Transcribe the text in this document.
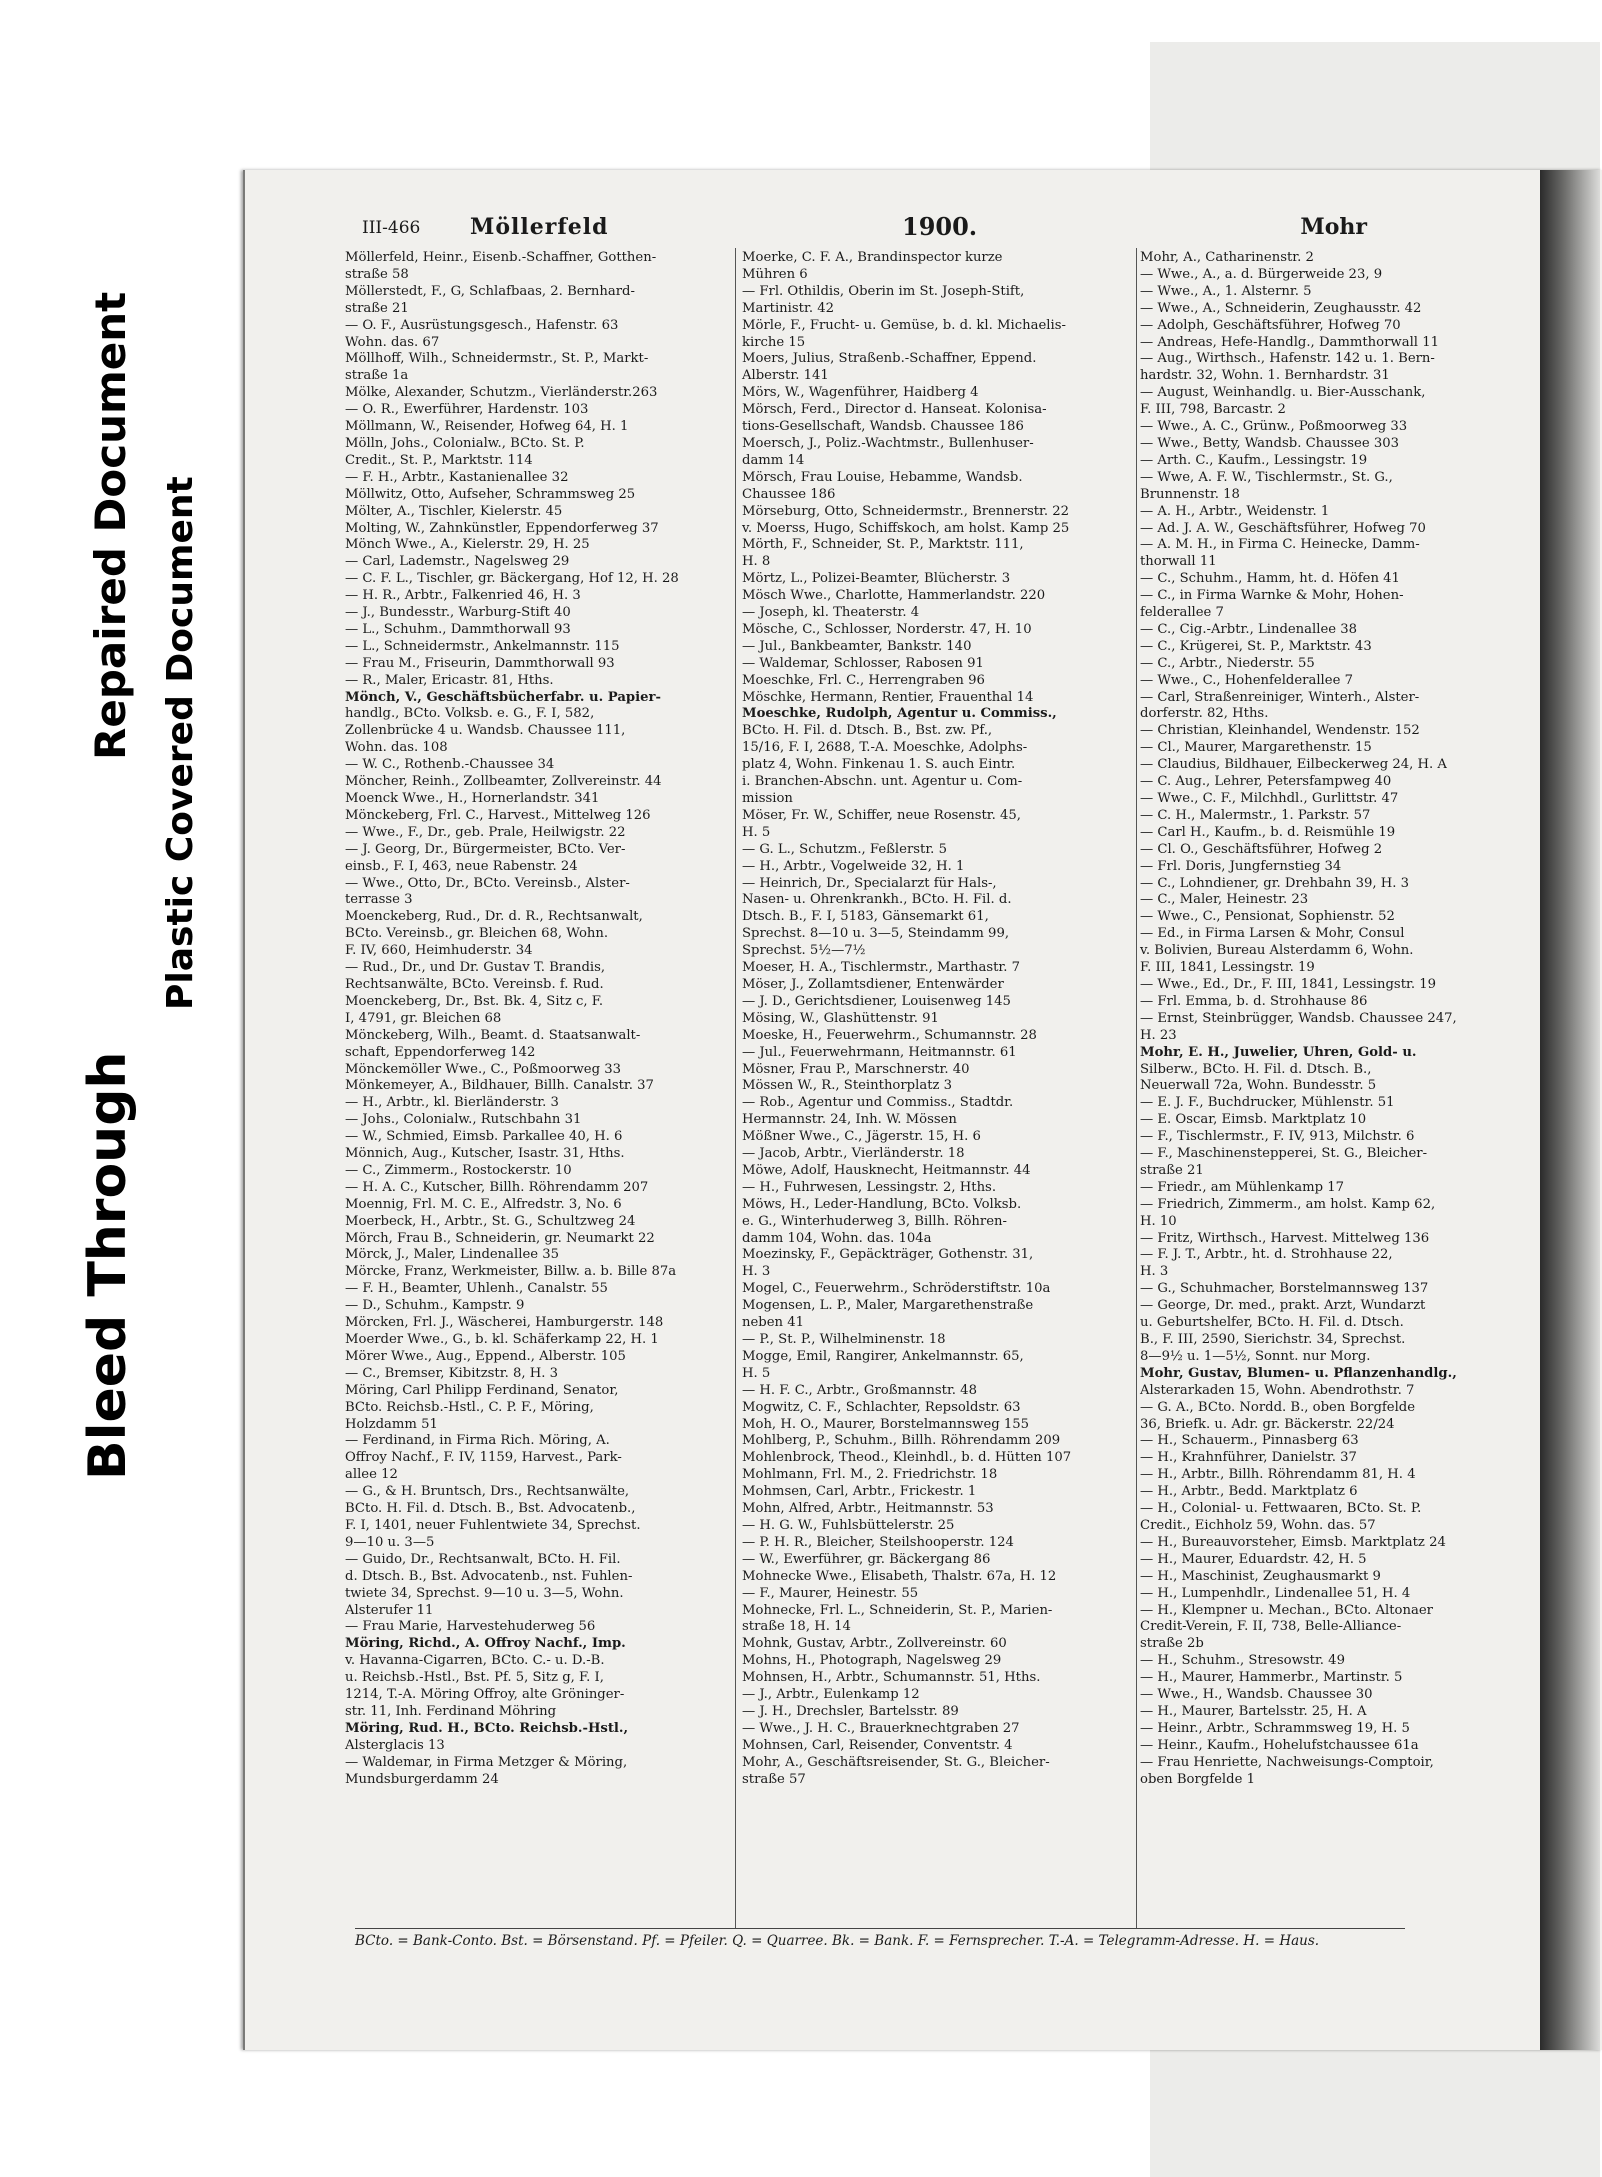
Bleed Through
Repaired Document Plastic Covered Document
III-466 Möllerfeld	1900.	Mohr
Möllerfeld, Heinr., Eisenb.-Schaffner, Gotthen-
straße 58
Möllerstedt, F., G, Schlafbaas, 2. Bernhard-
straße 21
— O. F., Ausrüstungsgesch., Hafenstr. 63
Wohn. das. 67
Möllhoff, Wilh., Schneidermstr., St. P., Markt-
straße 1a
Mölke, Alexander, Schutzm., Vierländerstr.263
— O. R., Ewerführer, Hardenstr. 103
Möllmann, W., Reisender, Hofweg 64, H. 1
Mölln, Johs., Colonialw., BCto. St. P.
Credit., St. P., Marktstr. 114
— F. H., Arbtr., Kastanienallee 32
Möllwitz, Otto, Aufseher, Schrammsweg 25
Mölter, A., Tischler, Kielerstr. 45
Molting, W., Zahnkünstler, Eppendorferweg 37
Mönch Wwe., A., Kielerstr. 29, H. 25
— Carl, Lademstr., Nagelsweg 29
— C. F. L., Tischler, gr. Bäckergang, Hof 12, H. 28
— H. R., Arbtr., Falkenried 46, H. 3
— J., Bundesstr., Warburg-Stift 40
— L., Schuhm., Dammthorwall 93
— L., Schneidermstr., Ankelmannstr. 115
— Frau M., Friseurin, Dammthorwall 93
— R., Maler, Ericastr. 81, Hths.
Mönch, V., Geschäftsbücherfabr. u. Papier-
handlg., BCto. Volksb. e. G., F. I, 582,
Zollenbrücke 4 u. Wandsb. Chaussee 111,
Wohn. das. 108
— W. C., Rothenb.-Chaussee 34
Möncher, Reinh., Zollbeamter, Zollvereinstr. 44
Moenck Wwe., H., Hornerlandstr. 341
Mönckeberg, Frl. C., Harvest., Mittelweg 126
— Wwe., F., Dr., geb. Prale, Heilwigstr. 22
— J. Georg, Dr., Bürgermeister, BCto. Ver-
einsb., F. I, 463, neue Rabenstr. 24
— Wwe., Otto, Dr., BCto. Vereinsb., Alster-
terrasse 3
Moenckeberg, Rud., Dr. d. R., Rechtsanwalt,
BCto. Vereinsb., gr. Bleichen 68, Wohn.
F. IV, 660, Heimhuderstr. 34
— Rud., Dr., und Dr. Gustav T. Brandis,
Rechtsanwälte, BCto. Vereinsb. f. Rud.
Moenckeberg, Dr., Bst. Bk. 4, Sitz c, F.
I, 4791, gr. Bleichen 68
Mönckeberg, Wilh., Beamt. d. Staatsanwalt-
schaft, Eppendorferweg 142
Mönckemöller Wwe., C., Poßmoorweg 33
Mönkemeyer, A., Bildhauer, Billh. Canalstr. 37
— H., Arbtr., kl. Bierländerstr. 3
— Johs., Colonialw., Rutschbahn 31
— W., Schmied, Eimsb. Parkallee 40, H. 6
Mönnich, Aug., Kutscher, Isastr. 31, Hths.
— C., Zimmerm., Rostockerstr. 10
— H. A. C., Kutscher, Billh. Röhrendamm 207
Moennig, Frl. M. C. E., Alfredstr. 3, No. 6
Moerbeck, H., Arbtr., St. G., Schultzweg 24
Mörch, Frau B., Schneiderin, gr. Neumarkt 22
Mörck, J., Maler, Lindenallee 35
Mörcke, Franz, Werkmeister, Billw. a. b. Bille 87a
— F. H., Beamter, Uhlenh., Canalstr. 55
— D., Schuhm., Kampstr. 9
Mörcken, Frl. J., Wäscherei, Hamburgerstr. 148
Moerder Wwe., G., b. kl. Schäferkamp 22, H. 1
Mörer Wwe., Aug., Eppend., Alberstr. 105
— C., Bremser, Kibitzstr. 8, H. 3
Möring, Carl Philipp Ferdinand, Senator,
BCto. Reichsb.-Hstl., C. P. F., Möring,
Holzdamm 51
— Ferdinand, in Firma Rich. Möring, A.
Offroy Nachf., F. IV, 1159, Harvest., Park-
allee 12
— G., & H. Bruntsch, Drs., Rechtsanwälte,
BCto. H. Fil. d. Dtsch. B., Bst. Advocatenb.,
F. I, 1401, neuer Fuhlentwiete 34, Sprechst.
9—10 u. 3—5
— Guido, Dr., Rechtsanwalt, BCto. H. Fil.
d. Dtsch. B., Bst. Advocatenb., nst. Fuhlen-
twiete 34, Sprechst. 9—10 u. 3—5, Wohn.
Alsterufer 11
— Frau Marie, Harvestehuderweg 56
Möring, Richd., A. Offroy Nachf., Imp.
v. Havanna-Cigarren, BCto. C.- u. D.-B.
u. Reichsb.-Hstl., Bst. Pf. 5, Sitz g, F. I,
1214, T.-A. Möring Offroy, alte Gröninger-
str. 11, Inh. Ferdinand Möhring
Möring, Rud. H., BCto. Reichsb.-Hstl.,
Alsterglacis 13
— Waldemar, in Firma Metzger & Möring,
Mundsburgerdamm 24
Moerke, C. F. A., Brandinspector kurze
Mühren 6
— Frl. Othildis, Oberin im St. Joseph-Stift,
Martinistr. 42
Mörle, F., Frucht- u. Gemüse, b. d. kl. Michaelis-
kirche 15
Moers, Julius, Straßenb.-Schaffner, Eppend.
Alberstr. 141
Mörs, W., Wagenführer, Haidberg 4
Mörsch, Ferd., Director d. Hanseat. Kolonisa-
tions-Gesellschaft, Wandsb. Chaussee 186
Moersch, J., Poliz.-Wachtmstr., Bullenhuser-
damm 14
Mörsch, Frau Louise, Hebamme, Wandsb.
Chaussee 186
Mörseburg, Otto, Schneidermstr., Brennerstr. 22
v. Moerss, Hugo, Schiffskoch, am holst. Kamp 25
Mörth, F., Schneider, St. P., Marktstr. 111,
H. 8
Mörtz, L., Polizei-Beamter, Blücherstr. 3
Mösch Wwe., Charlotte, Hammerlandstr. 220
— Joseph, kl. Theaterstr. 4
Mösche, C., Schlosser, Norderstr. 47, H. 10
— Jul., Bankbeamter, Bankstr. 140
— Waldemar, Schlosser, Rabosen 91
Moeschke, Frl. C., Herrengraben 96
Möschke, Hermann, Rentier, Frauenthal 14
Moeschke, Rudolph, Agentur u. Commiss.,
BCto. H. Fil. d. Dtsch. B., Bst. zw. Pf.,
15/16, F. I, 2688, T.-A. Moeschke, Adolphs-
platz 4, Wohn. Finkenau 1. S. auch Eintr.
i. Branchen-Abschn. unt. Agentur u. Com-
mission
Möser, Fr. W., Schiffer, neue Rosenstr. 45,
H. 5
— G. L., Schutzm., Feßlerstr. 5
— H., Arbtr., Vogelweide 32, H. 1
— Heinrich, Dr., Specialarzt für Hals-,
Nasen- u. Ohrenkrankh., BCto. H. Fil. d.
Dtsch. B., F. I, 5183, Gänsemarkt 61,
Sprechst. 8—10 u. 3—5, Steindamm 99,
Sprechst. 5½—7½
Moeser, H. A., Tischlermstr., Marthastr. 7
Möser, J., Zollamtsdiener, Entenwärder
— J. D., Gerichtsdiener, Louisenweg 145
Mösing, W., Glashüttenstr. 91
Moeske, H., Feuerwehrm., Schumannstr. 28
— Jul., Feuerwehrmann, Heitmannstr. 61
Mösner, Frau P., Marschnerstr. 40
Mössen W., R., Steinthorplatz 3
— Rob., Agentur und Commiss., Stadtdr.
Hermannstr. 24, Inh. W. Mössen
Mößner Wwe., C., Jägerstr. 15, H. 6
— Jacob, Arbtr., Vierländerstr. 18
Möwe, Adolf, Hausknecht, Heitmannstr. 44
— H., Fuhrwesen, Lessingstr. 2, Hths.
Möws, H., Leder-Handlung, BCto. Volksb.
e. G., Winterhuderweg 3, Billh. Röhren-
damm 104, Wohn. das. 104a
Moezinsky, F., Gepäckträger, Gothenstr. 31,
H. 3
Mogel, C., Feuerwehrm., Schröderstiftstr. 10a
Mogensen, L. P., Maler, Margarethenstraße
neben 41
— P., St. P., Wilhelminenstr. 18
Mogge, Emil, Rangirer, Ankelmannstr. 65,
H. 5
— H. F. C., Arbtr., Großmannstr. 48
Mogwitz, C. F., Schlachter, Repsoldstr. 63
Moh, H. O., Maurer, Borstelmannsweg 155
Mohlberg, P., Schuhm., Billh. Röhrendamm 209
Mohlenbrock, Theod., Kleinhdl., b. d. Hütten 107
Mohlmann, Frl. M., 2. Friedrichstr. 18
Mohmsen, Carl, Arbtr., Frickestr. 1
Mohn, Alfred, Arbtr., Heitmannstr. 53
— H. G. W., Fuhlsbüttelerstr. 25
— P. H. R., Bleicher, Steilshooperstr. 124
— W., Ewerführer, gr. Bäckergang 86
Mohnecke Wwe., Elisabeth, Thalstr. 67a, H. 12
— F., Maurer, Heinestr. 55
Mohnecke, Frl. L., Schneiderin, St. P., Marien-
straße 18, H. 14
Mohnk, Gustav, Arbtr., Zollvereinstr. 60
Mohns, H., Photograph, Nagelsweg 29
Mohnsen, H., Arbtr., Schumannstr. 51, Hths.
— J., Arbtr., Eulenkamp 12
— J. H., Drechsler, Bartelsstr. 89
— Wwe., J. H. C., Brauerknechtgraben 27
Mohnsen, Carl, Reisender, Conventstr. 4
Mohr, A., Geschäftsreisender, St. G., Bleicher-
straße 57
Mohr, A., Catharinenstr. 2
— Wwe., A., a. d. Bürgerweide 23, 9
— Wwe., A., 1. Alsternr. 5
— Wwe., A., Schneiderin, Zeughausstr. 42
— Adolph, Geschäftsführer, Hofweg 70
— Andreas, Hefe-Handlg., Dammthorwall 11
— Aug., Wirthsch., Hafenstr. 142 u. 1. Bern-
hardstr. 32, Wohn. 1. Bernhardstr. 31
— August, Weinhandlg. u. Bier-Ausschank,
F. III, 798, Barcastr. 2
— Wwe., A. C., Grünw., Poßmoorweg 33
— Wwe., Betty, Wandsb. Chaussee 303
— Arth. C., Kaufm., Lessingstr. 19
— Wwe, A. F. W., Tischlermstr., St. G.,
Brunnenstr. 18
— A. H., Arbtr., Weidenstr. 1
— Ad. J. A. W., Geschäftsführer, Hofweg 70
— A. M. H., in Firma C. Heinecke, Damm-
thorwall 11
— C., Schuhm., Hamm, ht. d. Höfen 41
— C., in Firma Warnke & Mohr, Hohen-
felderallee 7
— C., Cig.-Arbtr., Lindenallee 38
— C., Krügerei, St. P., Marktstr. 43
— C., Arbtr., Niederstr. 55
— Wwe., C., Hohenfelderallee 7
— Carl, Straßenreiniger, Winterh., Alster-
dorferstr. 82, Hths.
— Christian, Kleinhandel, Wendenstr. 152
— Cl., Maurer, Margarethenstr. 15
— Claudius, Bildhauer, Eilbeckerweg 24, H. A
— C. Aug., Lehrer, Petersfampweg 40
— Wwe., C. F., Milchhdl., Gurlittstr. 47
— C. H., Malermstr., 1. Parkstr. 57
— Carl H., Kaufm., b. d. Reismühle 19
— Cl. O., Geschäftsführer, Hofweg 2
— Frl. Doris, Jungfernstieg 34
— C., Lohndiener, gr. Drehbahn 39, H. 3
— C., Maler, Heinestr. 23
— Wwe., C., Pensionat, Sophienstr. 52
— Ed., in Firma Larsen & Mohr, Consul
v. Bolivien, Bureau Alsterdamm 6, Wohn.
F. III, 1841, Lessingstr. 19
— Wwe., Ed., Dr., F. III, 1841, Lessingstr. 19
— Frl. Emma, b. d. Strohhause 86
— Ernst, Steinbrügger, Wandsb. Chaussee 247,
H. 23
Mohr, E. H., Juwelier, Uhren, Gold- u.
Silberw., BCto. H. Fil. d. Dtsch. B.,
Neuerwall 72a, Wohn. Bundesstr. 5
— E. J. F., Buchdrucker, Mühlenstr. 51
— E. Oscar, Eimsb. Marktplatz 10
— F., Tischlermstr., F. IV, 913, Milchstr. 6
— F., Maschinenstepperei, St. G., Bleicher-
straße 21
— Friedr., am Mühlenkamp 17
— Friedrich, Zimmerm., am holst. Kamp 62,
H. 10
— Fritz, Wirthsch., Harvest. Mittelweg 136
— F. J. T., Arbtr., ht. d. Strohhause 22,
H. 3
— G., Schuhmacher, Borstelmannsweg 137
— George, Dr. med., prakt. Arzt, Wundarzt
u. Geburtshelfer, BCto. H. Fil. d. Dtsch.
B., F. III, 2590, Sierichstr. 34, Sprechst.
8—9½ u. 1—5½, Sonnt. nur Morg.
Mohr, Gustav, Blumen- u. Pflanzenhandlg.,
Alsterarkaden 15, Wohn. Abendrothstr. 7
— G. A., BCto. Nordd. B., oben Borgfelde
36, Briefk. u. Adr. gr. Bäckerstr. 22/24
— H., Schauerm., Pinnasberg 63
— H., Krahnführer, Danielstr. 37
— H., Arbtr., Billh. Röhrendamm 81, H. 4
— H., Arbtr., Bedd. Marktplatz 6
— H., Colonial- u. Fettwaaren, BCto. St. P.
Credit., Eichholz 59, Wohn. das. 57
— H., Bureauvorsteher, Eimsb. Marktplatz 24
— H., Maurer, Eduardstr. 42, H. 5
— H., Maschinist, Zeughausmarkt 9
— H., Lumpenhdlr., Lindenallee 51, H. 4
— H., Klempner u. Mechan., BCto. Altonaer
Credit-Verein, F. II, 738, Belle-Alliance-
straße 2b
— H., Schuhm., Stresowstr. 49
— H., Maurer, Hammerbr., Martinstr. 5
— Wwe., H., Wandsb. Chaussee 30
— H., Maurer, Bartelsstr. 25, H. A
— Heinr., Arbtr., Schrammsweg 19, H. 5
— Heinr., Kaufm., Hohelufstchaussee 61a
— Frau Henriette, Nachweisungs-Comptoir,
oben Borgfelde 1
BCto. = Bank-Conto. Bst. = Börsenstand. Pf. = Pfeiler. Q. = Quarree. Bk. = Bank. F. = Fernsprecher. T.-A. = Telegramm-Adresse. H. = Haus.
